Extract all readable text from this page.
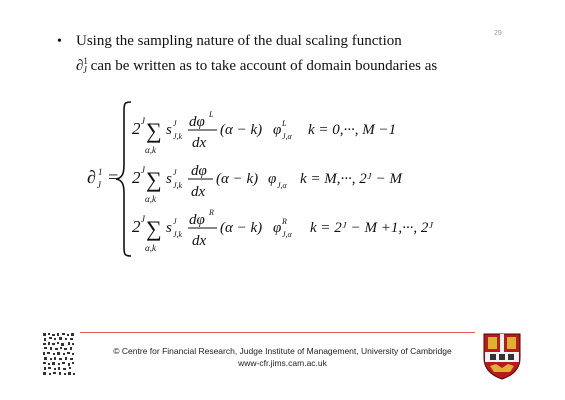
29
• Using the sampling nature of the dual scaling function
∂$^1_J$ can be written as to take account of domain boundaries as
∂ 1
J =
2 J ∑
α,k
s J
J,k
dφ L
dx
(α − k) φ L
J,α k = 0,···, M −1
2 J ∑
α,k
s J
J,k
dφ
dx
(α − k) φ J,α k = M,···, 2ᴶ − M
2 J ∑
α,k
s J
J,k
dφ R
dx
(α − k) φ R
J,α k = 2ᴶ − M +1,···, 2ᴶ
© Centre for Financial Research, Judge Institute of Management, University of Cambridge
www-cfr.jims.cam.ac.uk
